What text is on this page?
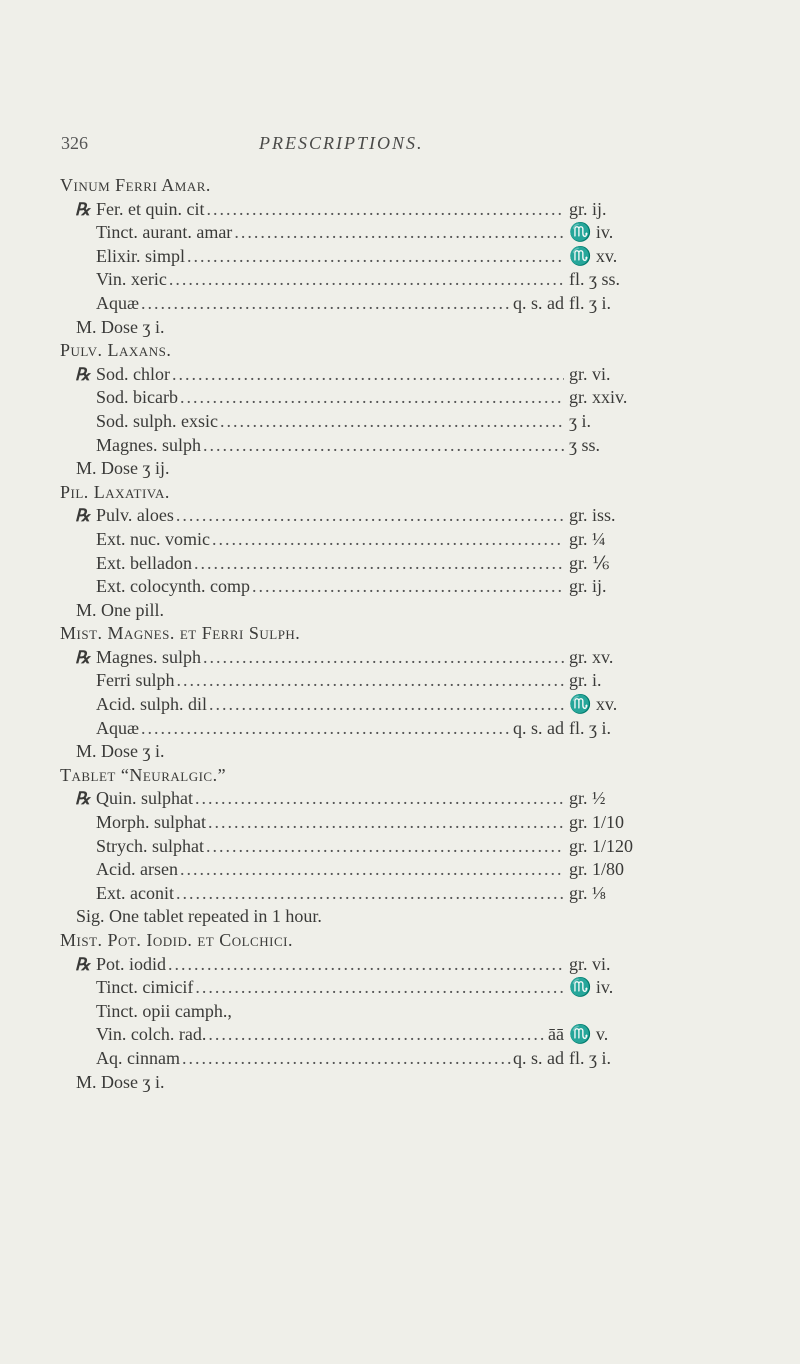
326	PRESCRIPTIONS.
Vinum Ferri Amar.
℞ Fer. et quin. cit .....	gr. ij.
Tinct. aurant. amar .....	♏ iv.
Elixir. simpl .....	♏ xv.
Vin. xeric .....	fl. ʒ ss.
Aquæ .....	q. s. ad fl. ʒ i.
M. Dose ʒ i.
Pulv. Laxans.
℞ Sod. chlor .....	gr. vi.
Sod. bicarb .....	gr. xxiv.
Sod. sulph. exsic .....	ʒ i.
Magnes. sulph .....	ʒ ss.
M. Dose ʒ ij.
Pil. Laxativa.
℞ Pulv. aloes .....	gr. iss.
Ext. nuc. vomic .....	gr. ¼
Ext. belladon .....	gr. ⅙
Ext. colocynth. comp .....	gr. ij.
M. One pill.
Mist. Magnes. et Ferri Sulph.
℞ Magnes. sulph .....	gr. xv.
Ferri sulph .....	gr. i.
Acid. sulph. dil .....	♏ xv.
Aquæ .....	q. s. ad fl. ʒ i.
M. Dose ʒ i.
Tablet “Neuralgic.”
℞ Quin. sulphat .....	gr. ½
Morph. sulphat .....	gr. 1/10
Strych. sulphat .....	gr. 1/120
Acid. arsen .....	gr. 1/80
Ext. aconit .....	gr. ⅛
Sig. One tablet repeated in 1 hour.
Mist. Pot. Iodid. et Colchici.
℞ Pot. iodid .....	gr. vi.
Tinct. cimicif .....	♏ iv.
Tinct. opii camph.,
Vin. colch. rad. .....	āā ♏ v.
Aq. cinnam .....	q. s. ad fl. ʒ i.
M. Dose ʒ i.
